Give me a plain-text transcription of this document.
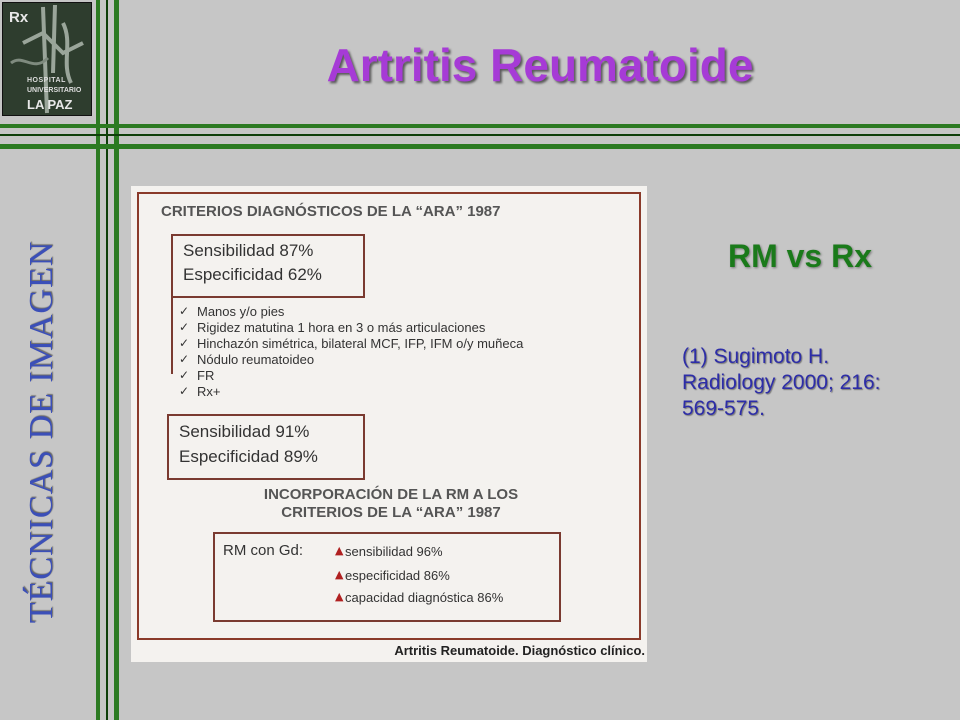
Rx
HOSPITAL
UNIVERSITARIO
LA PAZ
Artritis Reumatoide
TÉCNICAS DE IMAGEN
CRITERIOS DIAGNÓSTICOS DE LA “ARA” 1987
Sensibilidad 87%
Especificidad 62%
✓ Manos y/o pies
✓ Rigidez matutina 1 hora en 3 o más articulaciones
✓ Hinchazón simétrica, bilateral MCF, IFP, IFM o/y muñeca
✓ Nódulo reumatoideo
✓ FR
✓ Rx+
Sensibilidad 91%
Especificidad 89%
INCORPORACIÓN DE LA RM A LOS
CRITERIOS DE LA “ARA” 1987
RM con Gd:	▲ sensibilidad 96%
▲ especificidad 86%
▲ capacidad diagnóstica 86%
Artritis Reumatoide. Diagnóstico clínico.
RM vs Rx
(1) Sugimoto H.
Radiology 2000; 216:
569-575.
